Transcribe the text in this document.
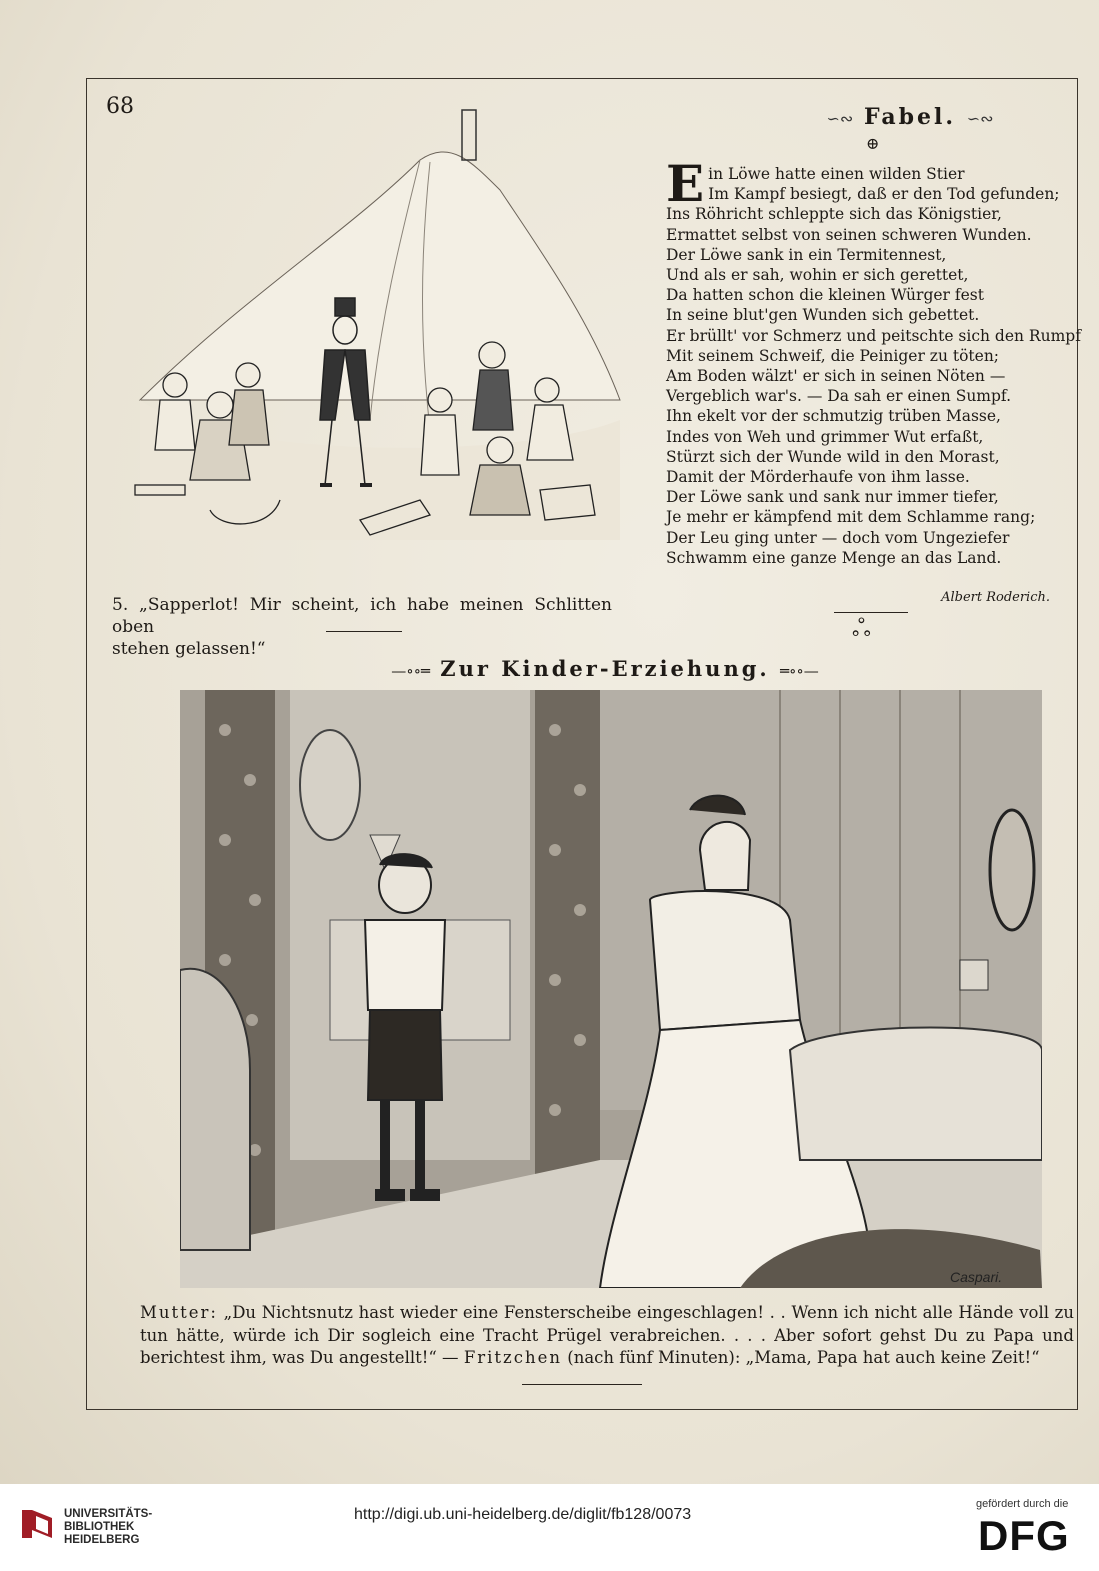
68
5. „Sapperlot! Mir scheint, ich habe meinen Schlitten oben
stehen gelassen!“
∽∾ Fabel. ∽∾
⊕
E in Löwe hatte einen wilden Stier
Im Kampf besiegt, daß er den Tod gefunden;
Ins Röhricht schleppte sich das Königstier,
Ermattet selbst von seinen schweren Wunden.
Der Löwe sank in ein Termitennest,
Und als er sah, wohin er sich gerettet,
Da hatten schon die kleinen Würger fest
In seine blut'gen Wunden sich gebettet.
Er brüllt' vor Schmerz und peitschte sich den Rumpf
Mit seinem Schweif, die Peiniger zu töten;
Am Boden wälzt' er sich in seinen Nöten —
Vergeblich war's. — Da sah er einen Sumpf.
Ihn ekelt vor der schmutzig trüben Masse,
Indes von Weh und grimmer Wut erfaßt,
Stürzt sich der Wunde wild in den Morast,
Damit der Mörderhaufe von ihm lasse.
Der Löwe sank und sank nur immer tiefer,
Je mehr er kämpfend mit dem Schlamme rang;
Der Leu ging unter — doch vom Ungeziefer
Schwamm eine ganze Menge an das Land.
Albert Roderich.
ஃ
—∘∘═ Zur Kinder-Erziehung. ═∘∘—
Caspari.
Mutter: „Du Nichtsnutz hast wieder eine Fensterscheibe eingeschlagen! . . Wenn ich nicht alle Hände voll zu tun hätte, würde ich Dir sogleich eine Tracht Prügel verabreichen. . . . Aber sofort gehst Du zu Papa und berichtest ihm, was Du angestellt!“ — Fritzchen (nach fünf Minuten): „Mama, Papa hat auch keine Zeit!“
UNIVERSITÄTS-
BIBLIOTHEK
HEIDELBERG
http://digi.ub.uni-heidelberg.de/diglit/fb128/0073
gefördert durch die
DFG
